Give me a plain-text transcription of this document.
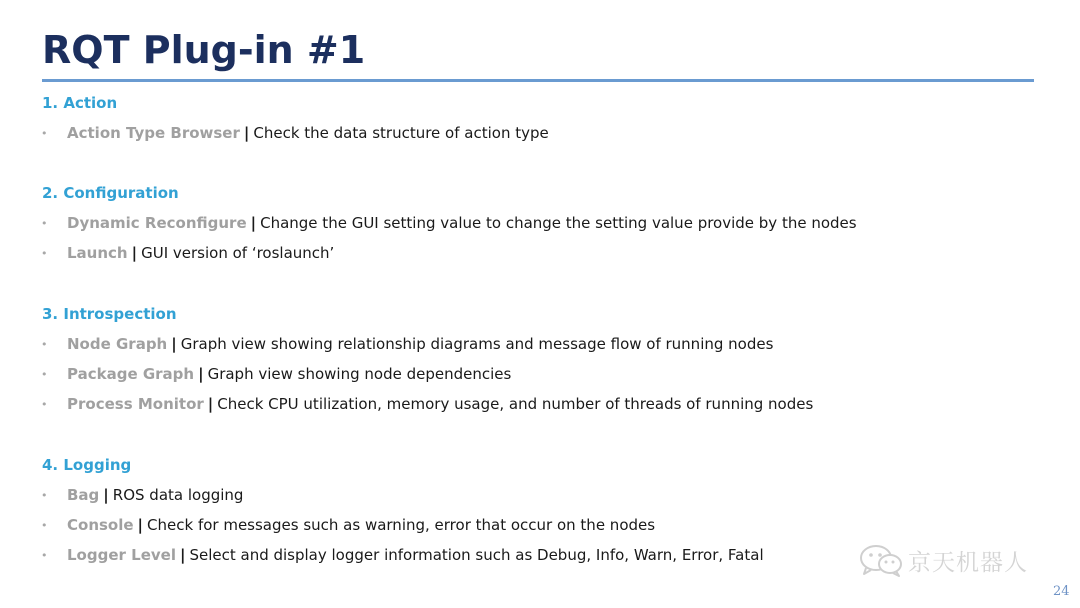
RQT Plug-in #1
1. Action
• Action Type Browser | Check the data structure of action type
2. Configuration
• Dynamic Reconfigure | Change the GUI setting value to change the setting value provide by the nodes
• Launch | GUI version of ‘roslaunch’
3. Introspection
• Node Graph | Graph view showing relationship diagrams and message flow of running nodes
• Package Graph | Graph view showing node dependencies
• Process Monitor | Check CPU utilization, memory usage, and number of threads of running nodes
4. Logging
• Bag | ROS data logging
• Console | Check for messages such as warning, error that occur on the nodes
• Logger Level | Select and display logger information such as Debug, Info, Warn, Error, Fatal	京天机器人
24
